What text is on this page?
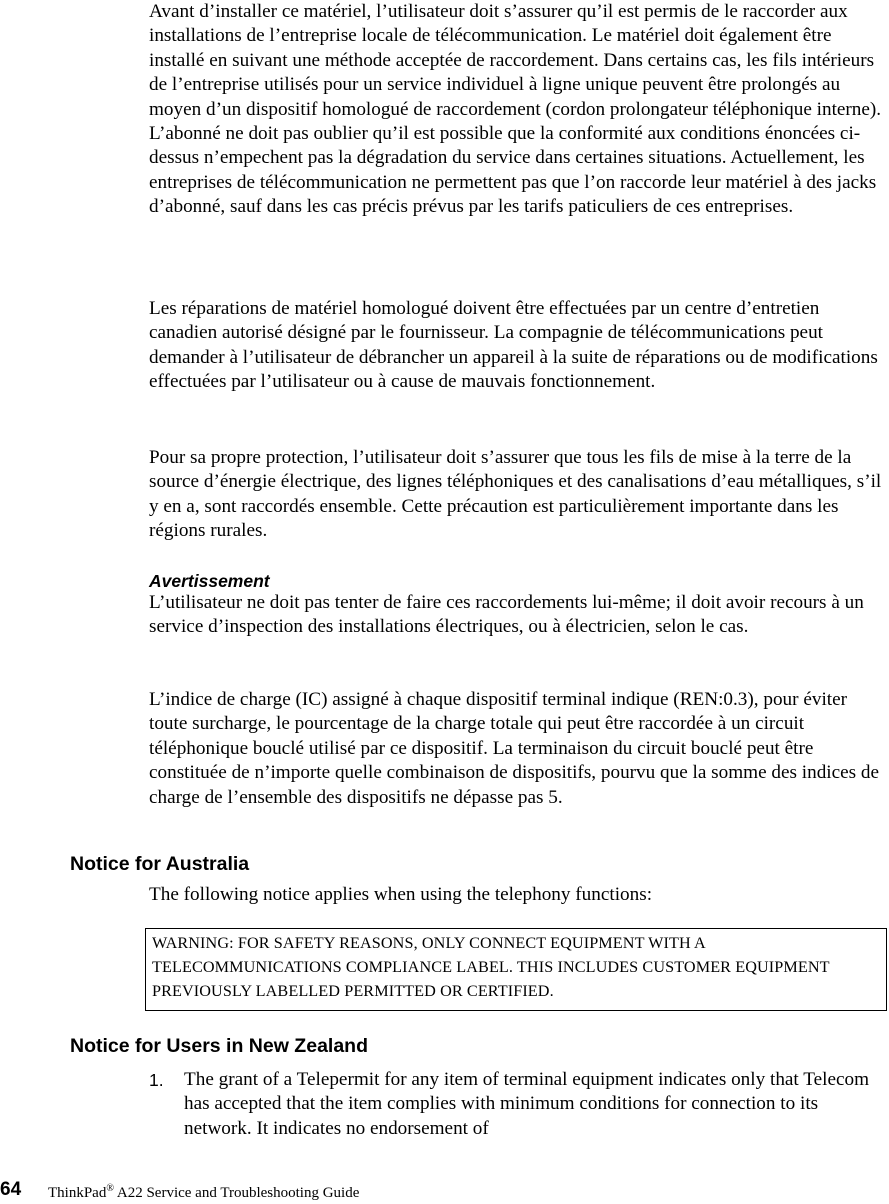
Avant d’installer ce matériel, l’utilisateur doit s’assurer qu’il est permis de le raccorder aux installations de l’entreprise locale de télécommunication. Le matériel doit également être installé en suivant une méthode acceptée de raccordement. Dans certains cas, les fils intérieurs de l’entreprise utilisés pour un service individuel à ligne unique peuvent être prolongés au moyen d’un dispositif homologué de raccordement (cordon prolongateur téléphonique interne). L’abonné ne doit pas oublier qu’il est possible que la conformité aux conditions énoncées ci-dessus n’empechent pas la dégradation du service dans certaines situations. Actuellement, les entreprises de télécommunication ne permettent pas que l’on raccorde leur matériel à des jacks d’abonné, sauf dans les cas précis prévus par les tarifs paticuliers de ces entreprises.

Les réparations de matériel homologué doivent être effectuées par un centre d’entretien canadien autorisé désigné par le fournisseur. La compagnie de télécommunications peut demander à l’utilisateur de débrancher un appareil à la suite de réparations ou de modifications effectuées par l’utilisateur ou à cause de mauvais fonctionnement.

Pour sa propre protection, l’utilisateur doit s’assurer que tous les fils de mise à la terre de la source d’énergie électrique, des lignes téléphoniques et des canalisations d’eau métalliques, s’il y en a, sont raccordés ensemble. Cette précaution est particulièrement importante dans les régions rurales.

Avertissement

L’utilisateur ne doit pas tenter de faire ces raccordements lui-même; il doit avoir recours à un service d’inspection des installations électriques, ou à électricien, selon le cas.

L’indice de charge (IC) assigné à chaque dispositif terminal indique (REN:0.3), pour éviter toute surcharge, le pourcentage de la charge totale qui peut être raccordée à un circuit téléphonique bouclé utilisé par ce dispositif. La terminaison du circuit bouclé peut être constituée de n’importe quelle combinaison de dispositifs, pourvu que la somme des indices de charge de l’ensemble des dispositifs ne dépasse pas 5.

Notice for Australia

The following notice applies when using the telephony functions:

WARNING: FOR SAFETY REASONS, ONLY CONNECT EQUIPMENT WITH A TELECOMMUNICATIONS COMPLIANCE LABEL. THIS INCLUDES CUSTOMER EQUIPMENT PREVIOUSLY LABELLED PERMITTED OR CERTIFIED.
Notice for Users in New Zealand
1. The grant of a Telepermit for any item of terminal equipment indicates only that Telecom has accepted that the item complies with minimum conditions for connection to its network. It indicates no endorsement of

64 ThinkPad® A22 Service and Troubleshooting Guide
